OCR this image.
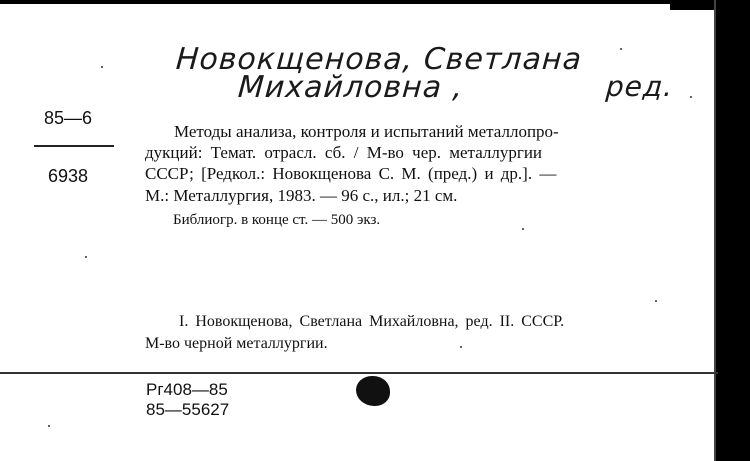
Новокщенова, Светлана
Михайловна ,	ред.
85—6
6938
Методы анализа, контроля и испытаний металлопро-
дукций: Темат. отрасл. сб. / М-во чер. металлургии
СССР; [Редкол.: Новокщенова С. М. (пред.) и др.]. —
М.: Металлургия, 1983. — 96 с., ил.; 21 см.
Библиогр. в конце ст. — 500 экз.
I. Новокщенова, Светлана Михайловна, ред. II. СССР.
М-во черной металлургии.
Рг408—85
85—55627
